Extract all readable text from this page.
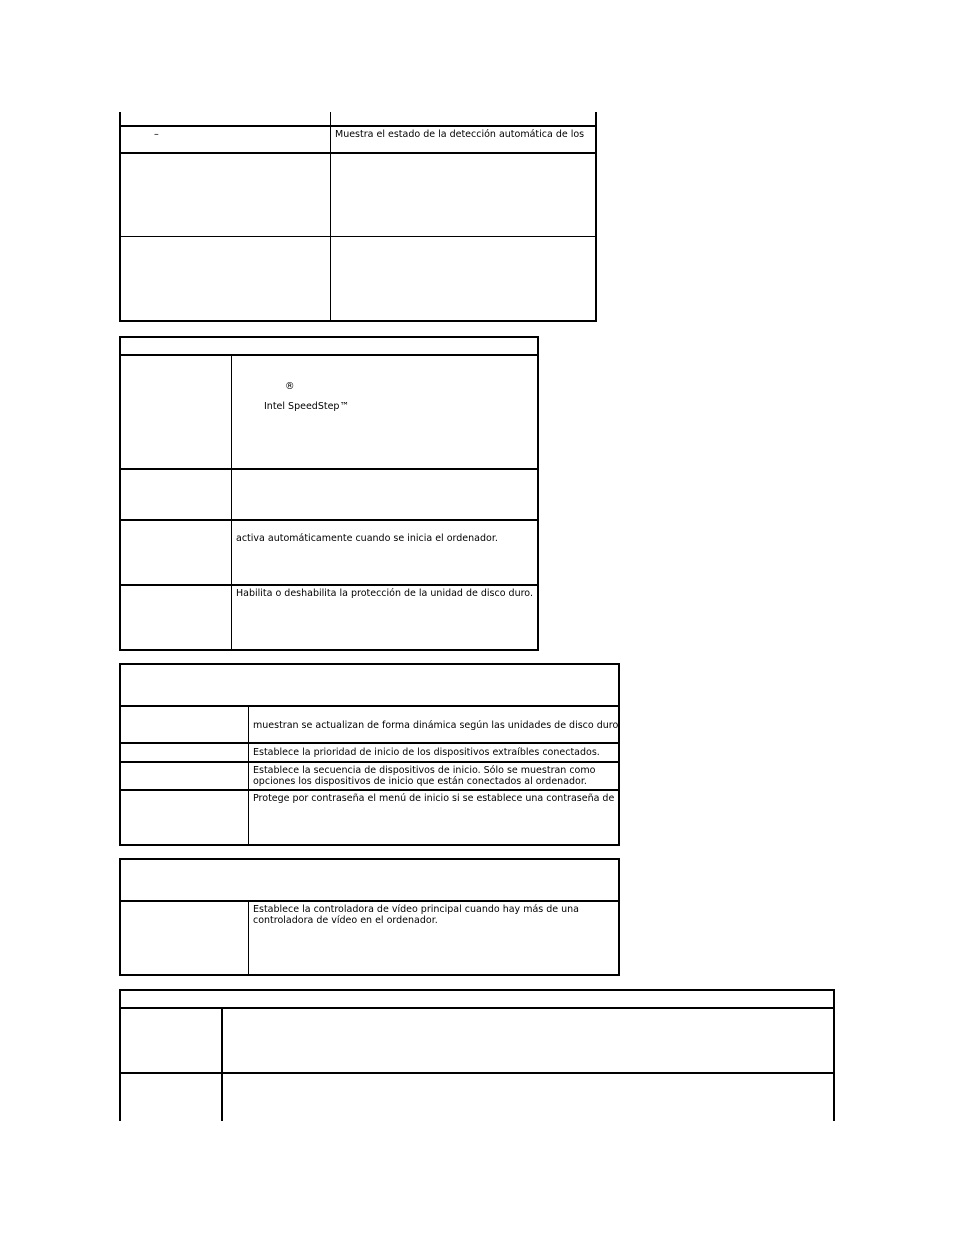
–	Muestra el estado de la detección automática de los
®
Intel SpeedStep™
activa automáticamente cuando se inicia el ordenador.
Habilita o deshabilita la protección de la unidad de disco duro.
muestran se actualizan de forma dinámica según las unidades de disco duro
Establece la prioridad de inicio de los dispositivos extraíbles conectados.
Establece la secuencia de dispositivos de inicio. Sólo se muestran como opciones los dispositivos de inicio que están conectados al ordenador.
Protege por contraseña el menú de inicio si se establece una contraseña de
Establece la controladora de vídeo principal cuando hay más de una controladora de vídeo en el ordenador.
